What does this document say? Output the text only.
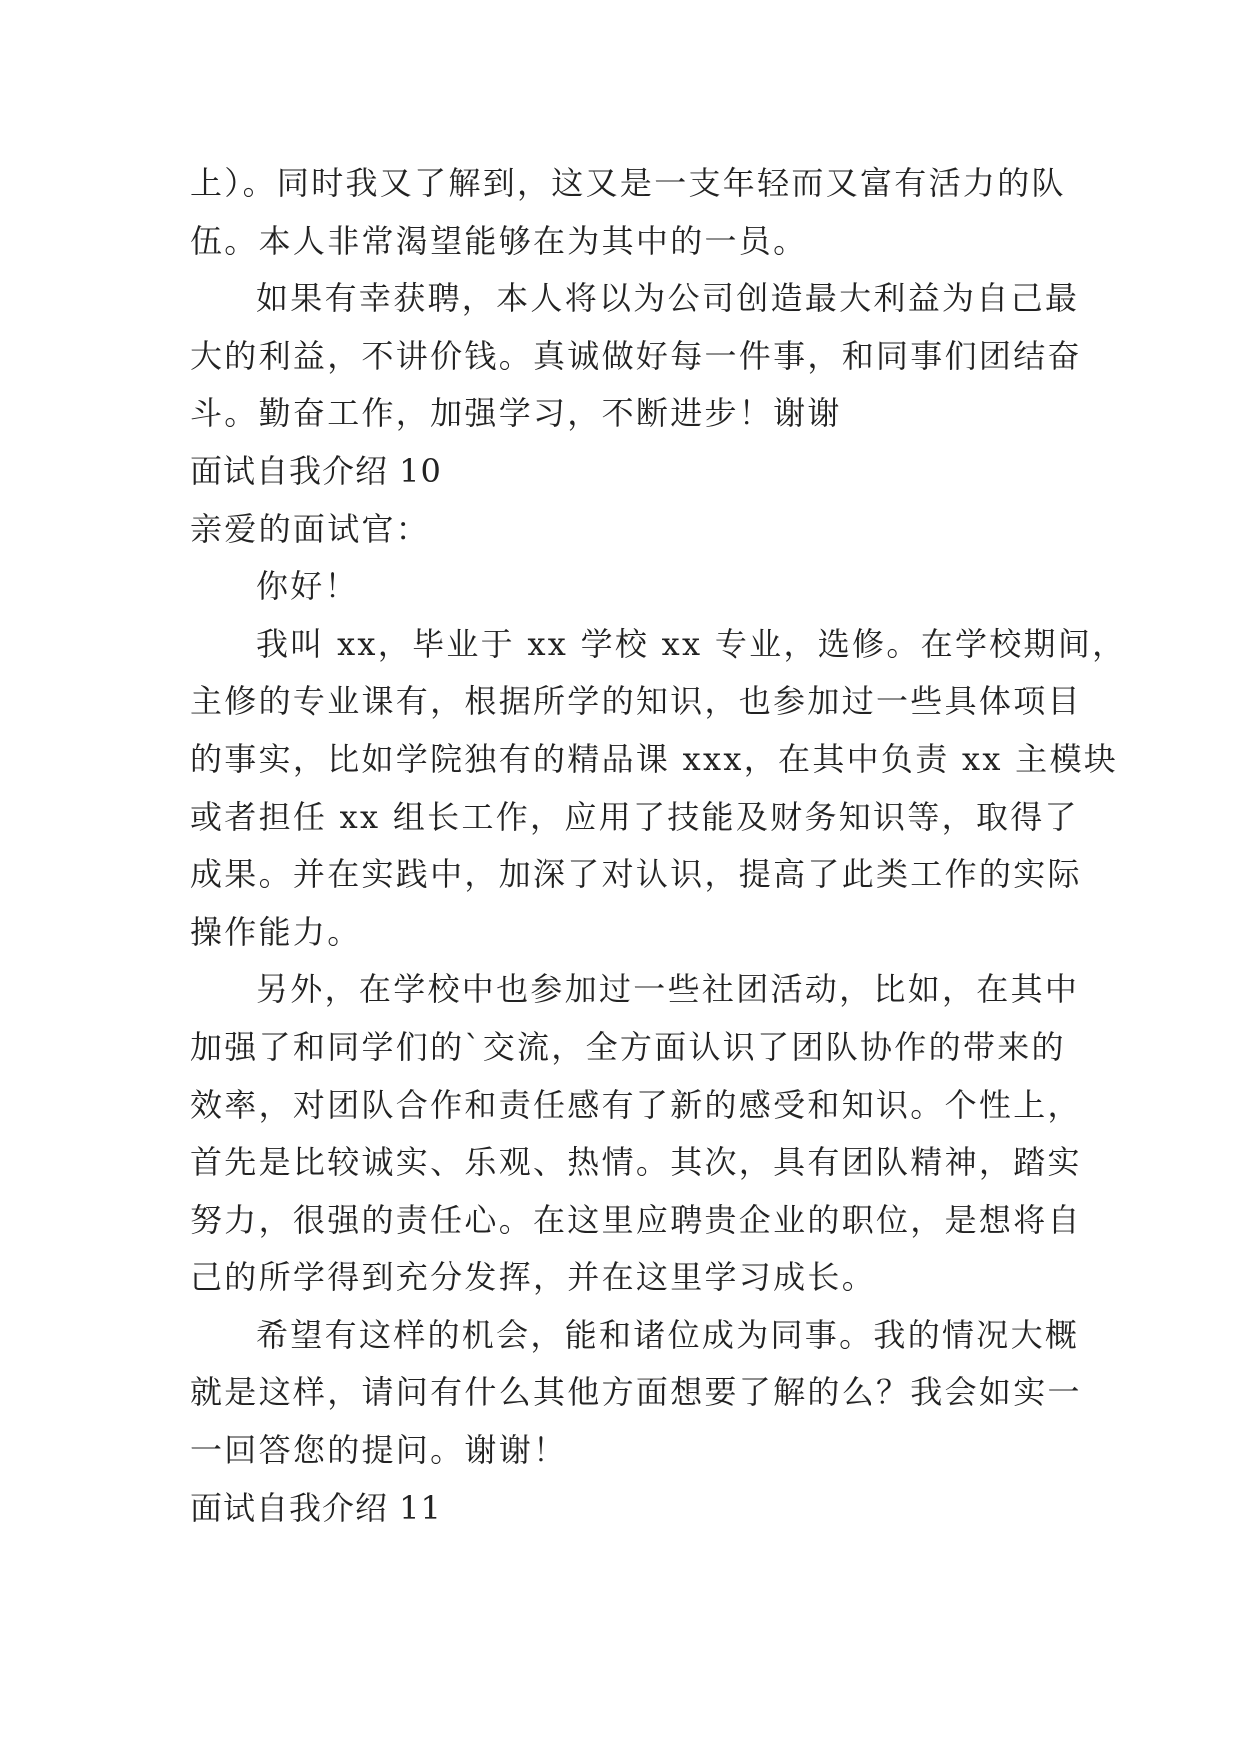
上）。同时我又了解到，这又是一支年轻而又富有活力的队
伍。本人非常渴望能够在为其中的一员。
如果有幸获聘，本人将以为公司创造最大利益为自己最
大的利益，不讲价钱。真诚做好每一件事，和同事们团结奋
斗。勤奋工作，加强学习，不断进步！谢谢
面试自我介绍 10
亲爱的面试官：
你好！
我叫 xx，毕业于 xx 学校 xx 专业，选修。在学校期间，
主修的专业课有，根据所学的知识，也参加过一些具体项目
的事实，比如学院独有的精品课 xxx，在其中负责 xx 主模块
或者担任 xx 组长工作，应用了技能及财务知识等，取得了
成果。并在实践中，加深了对认识，提高了此类工作的实际
操作能力。
另外，在学校中也参加过一些社团活动，比如，在其中
加强了和同学们的`交流，全方面认识了团队协作的带来的
效率，对团队合作和责任感有了新的感受和知识。个性上，
首先是比较诚实、乐观、热情。其次，具有团队精神，踏实
努力，很强的责任心。在这里应聘贵企业的职位，是想将自
己的所学得到充分发挥，并在这里学习成长。
希望有这样的机会，能和诸位成为同事。我的情况大概
就是这样，请问有什么其他方面想要了解的么？我会如实一
一回答您的提问。谢谢！
面试自我介绍 11
